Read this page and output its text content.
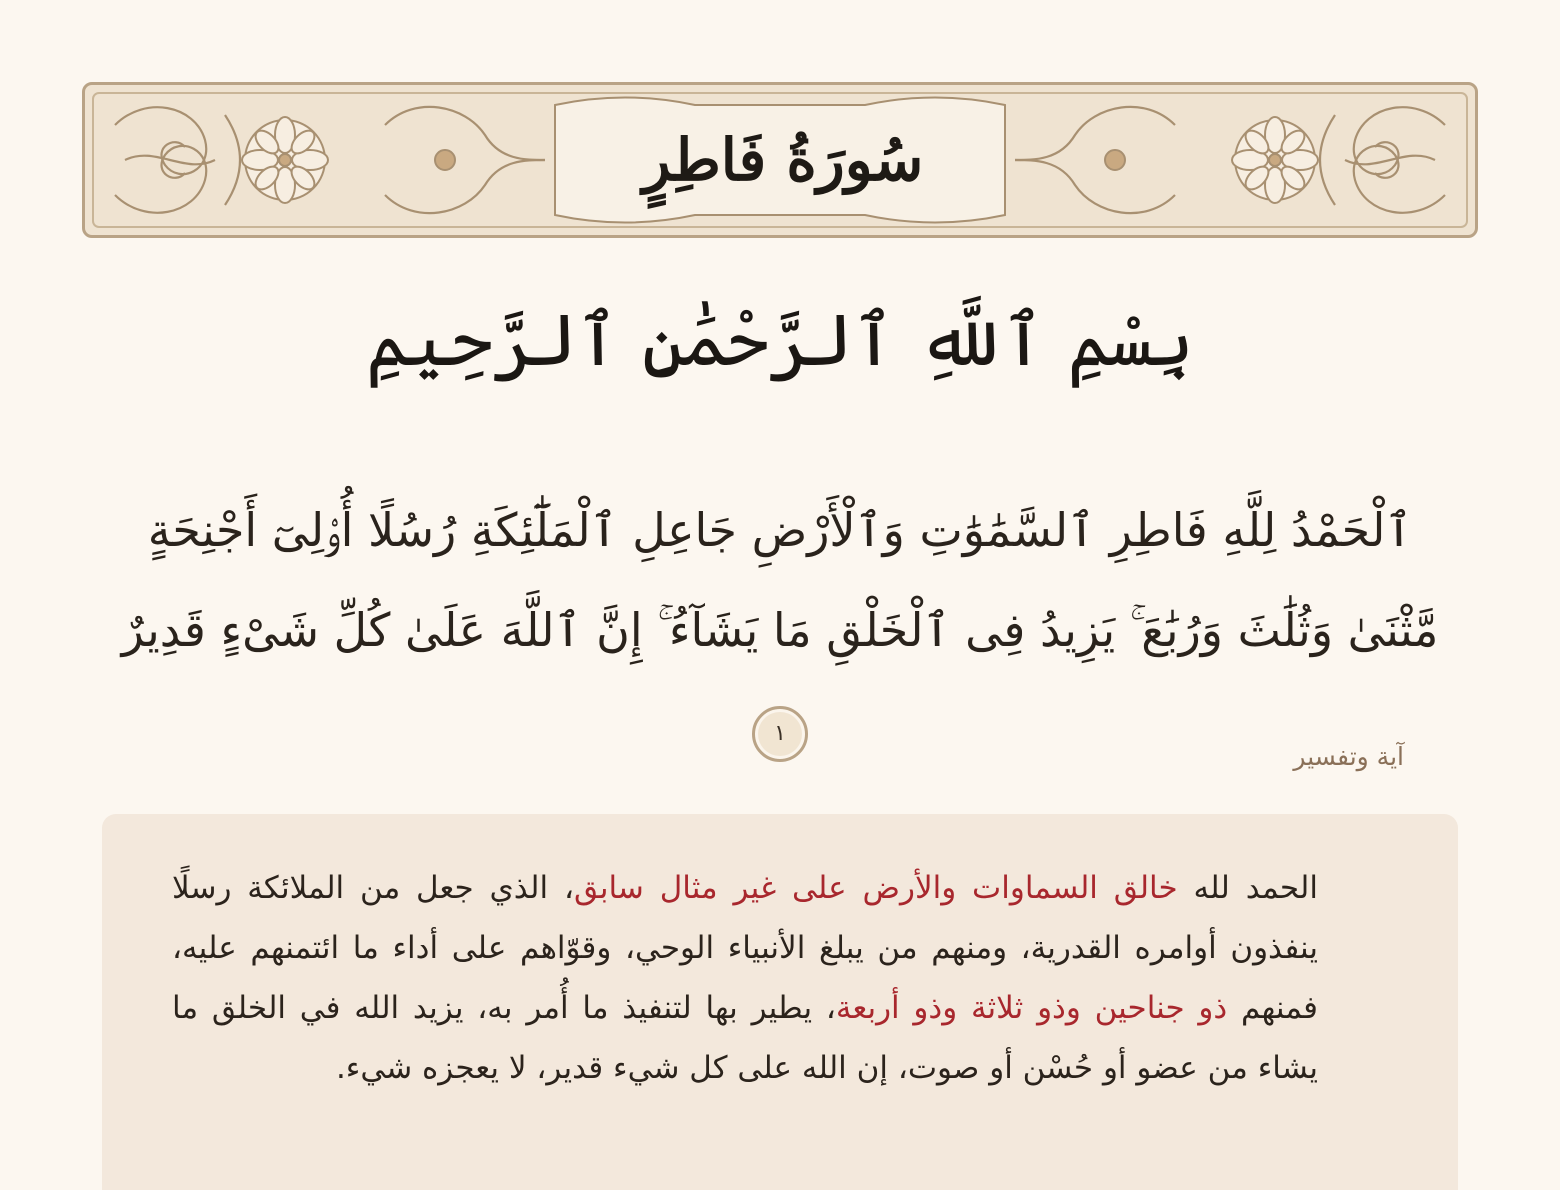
سُورَةُ فَاطِرٍ
بِسْمِ ٱللَّهِ ٱلرَّحْمَٰنِ ٱلرَّحِيمِ
ٱلْحَمْدُ لِلَّهِ فَاطِرِ ٱلسَّمَٰوَٰتِ وَٱلْأَرْضِ جَاعِلِ ٱلْمَلَٰٓئِكَةِ رُسُلًا أُو۟لِىٓ أَجْنِحَةٍ مَّثْنَىٰ وَثُلَٰثَ وَرُبَٰعَ ۚ يَزِيدُ فِى ٱلْخَلْقِ مَا يَشَآءُ ۚ إِنَّ ٱللَّهَ عَلَىٰ كُلِّ شَىْءٍ قَدِيرٌ ١
آية وتفسير

الحمد لله خالق السماوات والأرض على غير مثال سابق، الذي جعل من الملائكة رسلًا ينفذون أوامره القدرية، ومنهم من يبلغ الأنبياء الوحي، وقوّاهم على أداء ما ائتمنهم عليه، فمنهم ذو جناحين وذو ثلاثة وذو أربعة، يطير بها لتنفيذ ما أُمر به، يزيد الله في الخلق ما يشاء من عضو أو حُسْن أو صوت، إن الله على كل شيء قدير، لا يعجزه شيء.
